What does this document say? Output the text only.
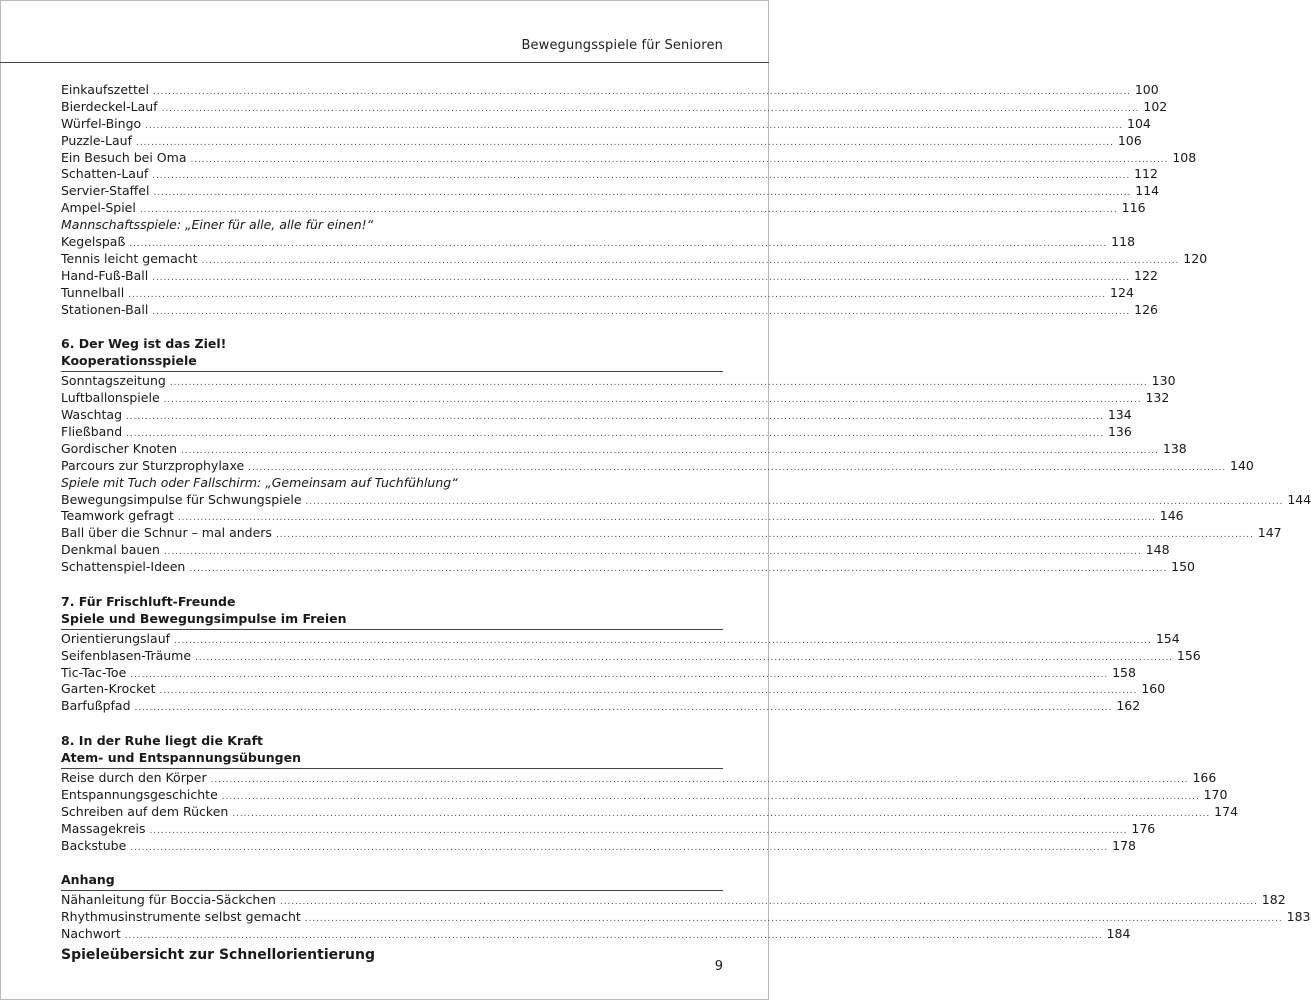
Bewegungsspiele für Senioren
Einkaufszettel .................................................................................................................................................................................................................................................................... 100
Bierdeckel-Lauf .................................................................................................................................................................................................................................................................... 102
Würfel-Bingo .................................................................................................................................................................................................................................................................... 104
Puzzle-Lauf .................................................................................................................................................................................................................................................................... 106
Ein Besuch bei Oma .................................................................................................................................................................................................................................................................... 108
Schatten-Lauf .................................................................................................................................................................................................................................................................... 112
Servier-Staffel .................................................................................................................................................................................................................................................................... 114
Ampel-Spiel .................................................................................................................................................................................................................................................................... 116
Mannschaftsspiele: „Einer für alle, alle für einen!“
Kegelspaß .................................................................................................................................................................................................................................................................... 118
Tennis leicht gemacht .................................................................................................................................................................................................................................................................... 120
Hand-Fuß-Ball .................................................................................................................................................................................................................................................................... 122
Tunnelball .................................................................................................................................................................................................................................................................... 124
Stationen-Ball .................................................................................................................................................................................................................................................................... 126
6. Der Weg ist das Ziel!
Kooperationsspiele
Sonntagszeitung .................................................................................................................................................................................................................................................................... 130
Luftballonspiele .................................................................................................................................................................................................................................................................... 132
Waschtag .................................................................................................................................................................................................................................................................... 134
Fließband .................................................................................................................................................................................................................................................................... 136
Gordischer Knoten .................................................................................................................................................................................................................................................................... 138
Parcours zur Sturzprophylaxe .................................................................................................................................................................................................................................................................... 140
Spiele mit Tuch oder Fallschirm: „Gemeinsam auf Tuchfühlung“
Bewegungsimpulse für Schwungspiele .................................................................................................................................................................................................................................................................... 144
Teamwork gefragt .................................................................................................................................................................................................................................................................... 146
Ball über die Schnur – mal anders .................................................................................................................................................................................................................................................................... 147
Denkmal bauen .................................................................................................................................................................................................................................................................... 148
Schattenspiel-Ideen .................................................................................................................................................................................................................................................................... 150
7. Für Frischluft-Freunde
Spiele und Bewegungsimpulse im Freien
Orientierungslauf .................................................................................................................................................................................................................................................................... 154
Seifenblasen-Träume .................................................................................................................................................................................................................................................................... 156
Tic-Tac-Toe .................................................................................................................................................................................................................................................................... 158
Garten-Krocket .................................................................................................................................................................................................................................................................... 160
Barfußpfad .................................................................................................................................................................................................................................................................... 162
8. In der Ruhe liegt die Kraft
Atem- und Entspannungsübungen
Reise durch den Körper .................................................................................................................................................................................................................................................................... 166
Entspannungsgeschichte .................................................................................................................................................................................................................................................................... 170
Schreiben auf dem Rücken .................................................................................................................................................................................................................................................................... 174
Massagekreis .................................................................................................................................................................................................................................................................... 176
Backstube .................................................................................................................................................................................................................................................................... 178
Anhang
Nähanleitung für Boccia-Säckchen .................................................................................................................................................................................................................................................................... 182
Rhythmusinstrumente selbst gemacht .................................................................................................................................................................................................................................................................... 183
Nachwort .................................................................................................................................................................................................................................................................... 184
Spieleübersicht zur Schnellorientierung
9
